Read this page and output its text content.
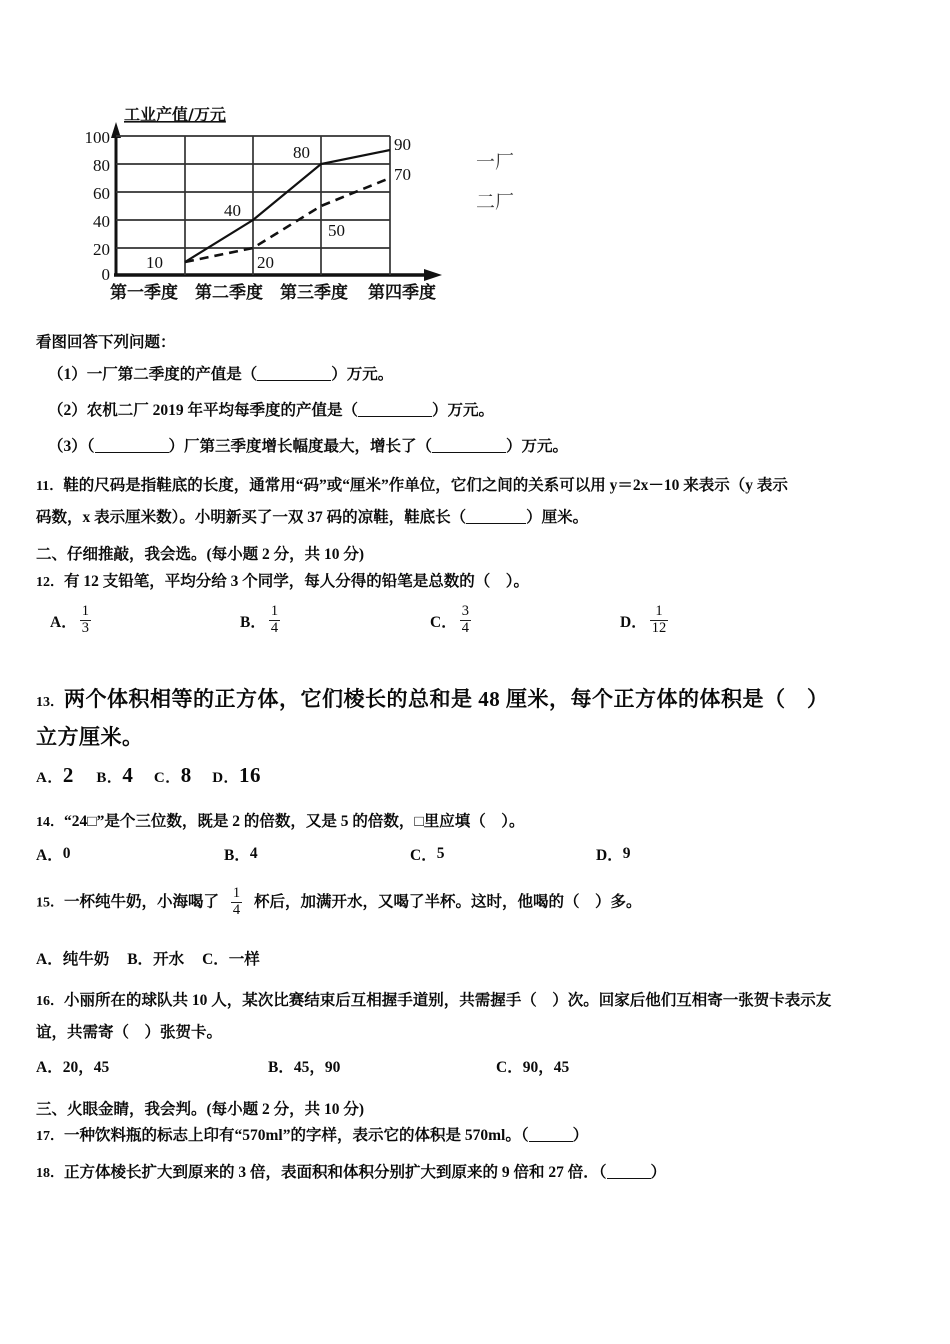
100
80
60
40
20
0
工业产值/万元
10
40
80	90
20
50
70
第一季度 第二季度 第三季度 第四季度
一厂
二厂
看图回答下列问题：
（1）一厂第二季度的产值是（	）万元。
（2）农机二厂 2019 年平均每季度的产值是（	）万元。
（3）（	）厂第三季度增长幅度最大，增长了（	）万元。
11．鞋的尺码是指鞋底的长度，通常用“码”或“厘米”作单位，它们之间的关系可以用 y＝2x－10 来表示（y 表示
码数，x 表示厘米数）。小明新买了一双 37 码的凉鞋，鞋底长（	）厘米。
二、仔细推敲，我会选。(每小题 2 分，共 10 分)
12．有 12 支铅笔，平均分给 3 个同学，每人分得的铅笔是总数的（　）。
A． $\frac{1}{3}$	B． $\frac{1}{4}$	C． $\frac{3}{4}$	D． $\frac{1}{12}$
13．两个体积相等的正方体，它们棱长的总和是 48 厘米，每个正方体的体积是（　）
立方厘米。
A．2 B．4 C．8 D．16
14．“24□”是个三位数，既是 2 的倍数，又是 5 的倍数，□里应填（　）。
A． 0	B． 4	C． 5	D． 9
15．一杯纯牛奶，小海喝了 $\frac{1}{4}$ 杯后，加满开水，又喝了半杯。这时，他喝的（　）多。
A． 纯牛奶 B． 开水 C． 一样
16．小丽所在的球队共 10 人，某次比赛结束后互相握手道别，共需握手（　）次。回家后他们互相寄一张贺卡表示友
谊，共需寄（　）张贺卡。
A． 20，45	B． 45，90	C． 90，45
三、火眼金睛，我会判。(每小题 2 分，共 10 分)
17．一种饮料瓶的标志上印有“570ml”的字样，表示它的体积是 570ml。（	）
18．正方体棱长扩大到原来的 3 倍，表面积和体积分别扩大到原来的 9 倍和 27 倍．（	）
